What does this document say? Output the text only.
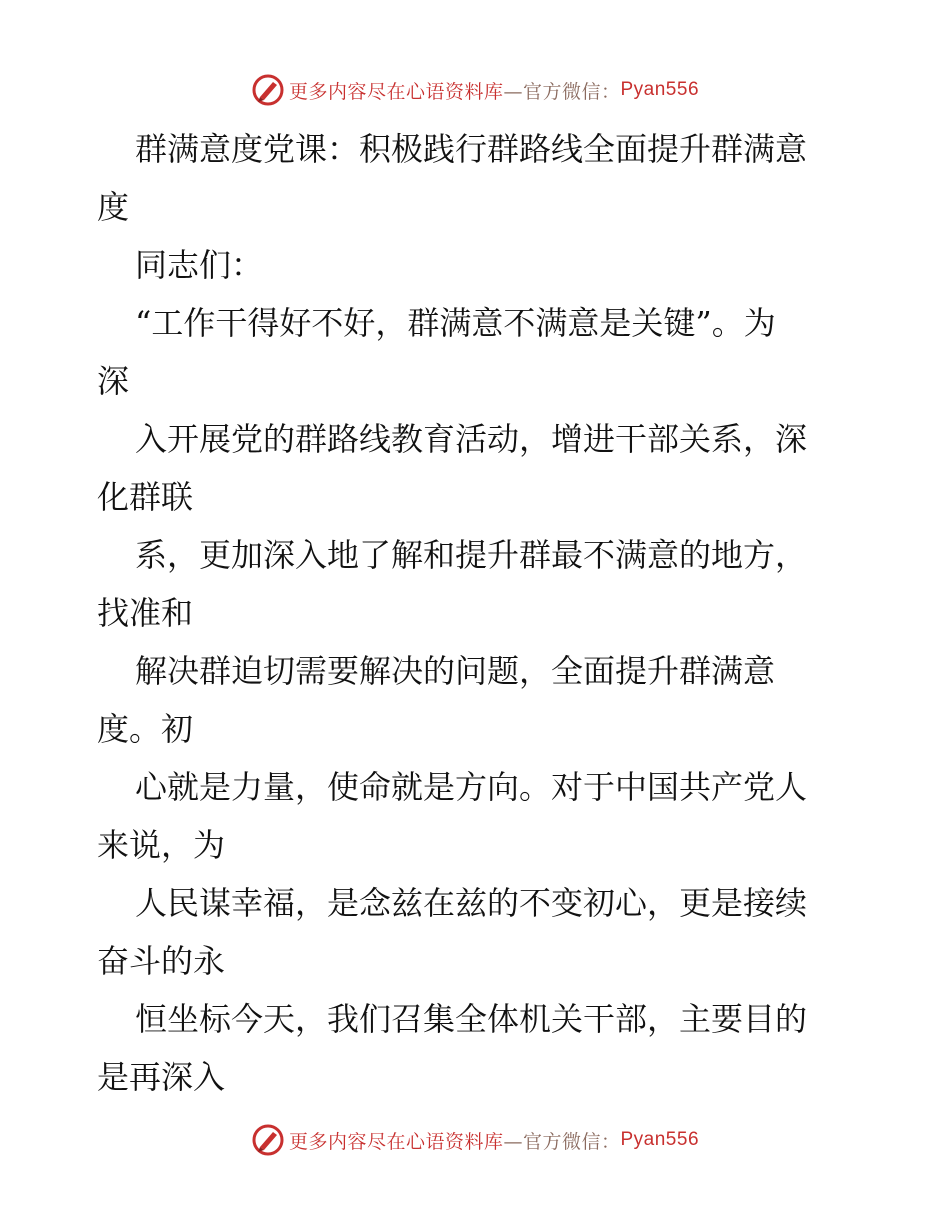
更多内容尽在心语资料库 —官方微信： Pyan556
群满意度党课：积极践行群路线全面提升群满意
度
同志们：
“工作干得好不好，群满意不满意是关键”。为
深
入开展党的群路线教育活动，增进干部关系，深
化群联
系，更加深入地了解和提升群最不满意的地方，
找准和
解决群迫切需要解决的问题，全面提升群满意
度。初
心就是力量，使命就是方向。对于中国共产党人
来说，为
人民谋幸福，是念兹在兹的不变初心，更是接续
奋斗的永
恒坐标今天，我们召集全体机关干部，主要目的
是再深入
更多内容尽在心语资料库 —官方微信： Pyan556
